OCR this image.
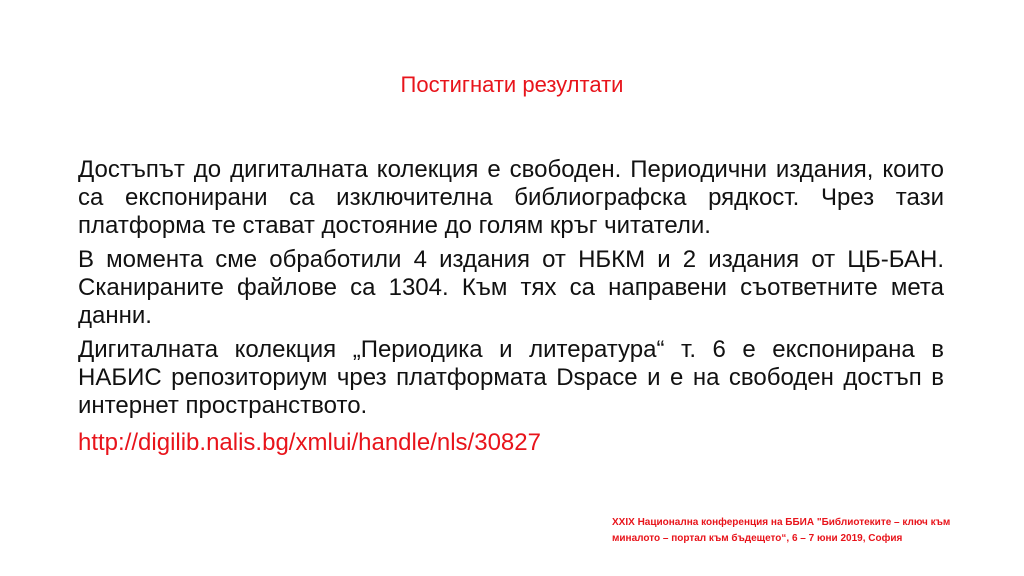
Постигнати резултати

Достъпът до дигиталната колекция е свободен. Периодични издания, които са експонирани са изключителна библиографска рядкост. Чрез тази платформа те стават достояние до голям кръг читатели.

В момента сме обработили 4 издания от НБКМ и 2 издания от ЦБ-БАН. Сканираните файлове са 1304. Към тях са направени съответните мета данни.

Дигиталната колекция „Периодика и литература“ т. 6 е експонирана в НАБИС репозиториум чрез платформата Dspace и е на свободен достъп в интернет пространството.

http://digilib.nalis.bg/xmlui/handle/nls/30827
XXIX Национална конференция на ББИА "Библиотеките – ключ към миналото – портал към бъдещето“, 6 – 7 юни 2019, София
